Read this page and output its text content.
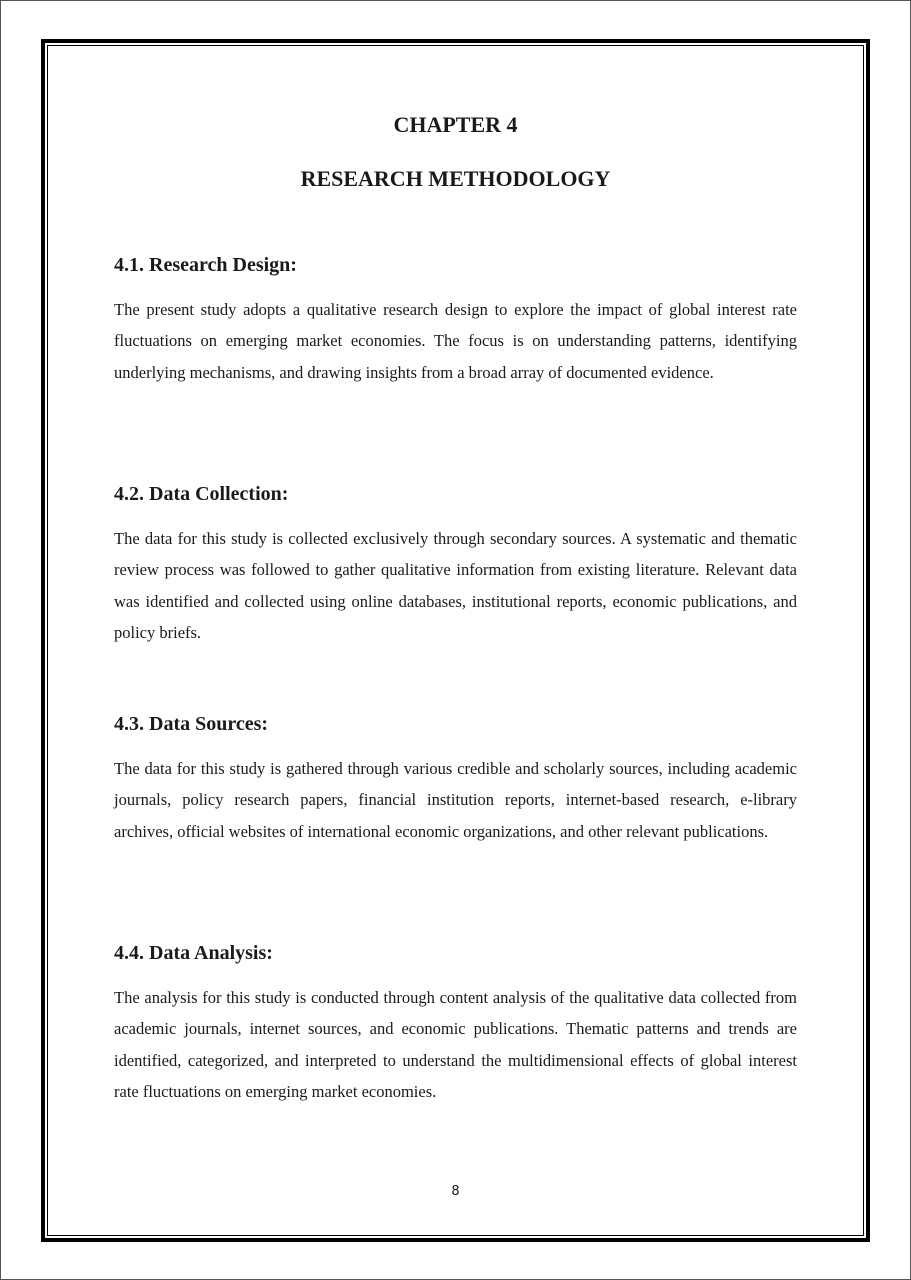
CHAPTER 4
RESEARCH METHODOLOGY
4.1. Research Design:

The present study adopts a qualitative research design to explore the impact of global interest rate fluctuations on emerging market economies. The focus is on understanding patterns, identifying underlying mechanisms, and drawing insights from a broad array of documented evidence.

4.2. Data Collection:

The data for this study is collected exclusively through secondary sources. A systematic and thematic review process was followed to gather qualitative information from existing literature. Relevant data was identified and collected using online databases, institutional reports, economic publications, and policy briefs.

4.3. Data Sources:

The data for this study is gathered through various credible and scholarly sources, including academic journals, policy research papers, financial institution reports, internet-based research, e-library archives, official websites of international economic organizations, and other relevant publications.

4.4. Data Analysis:

The analysis for this study is conducted through content analysis of the qualitative data collected from academic journals, internet sources, and economic publications. Thematic patterns and trends are identified, categorized, and interpreted to understand the multidimensional effects of global interest rate fluctuations on emerging market economies.

8
